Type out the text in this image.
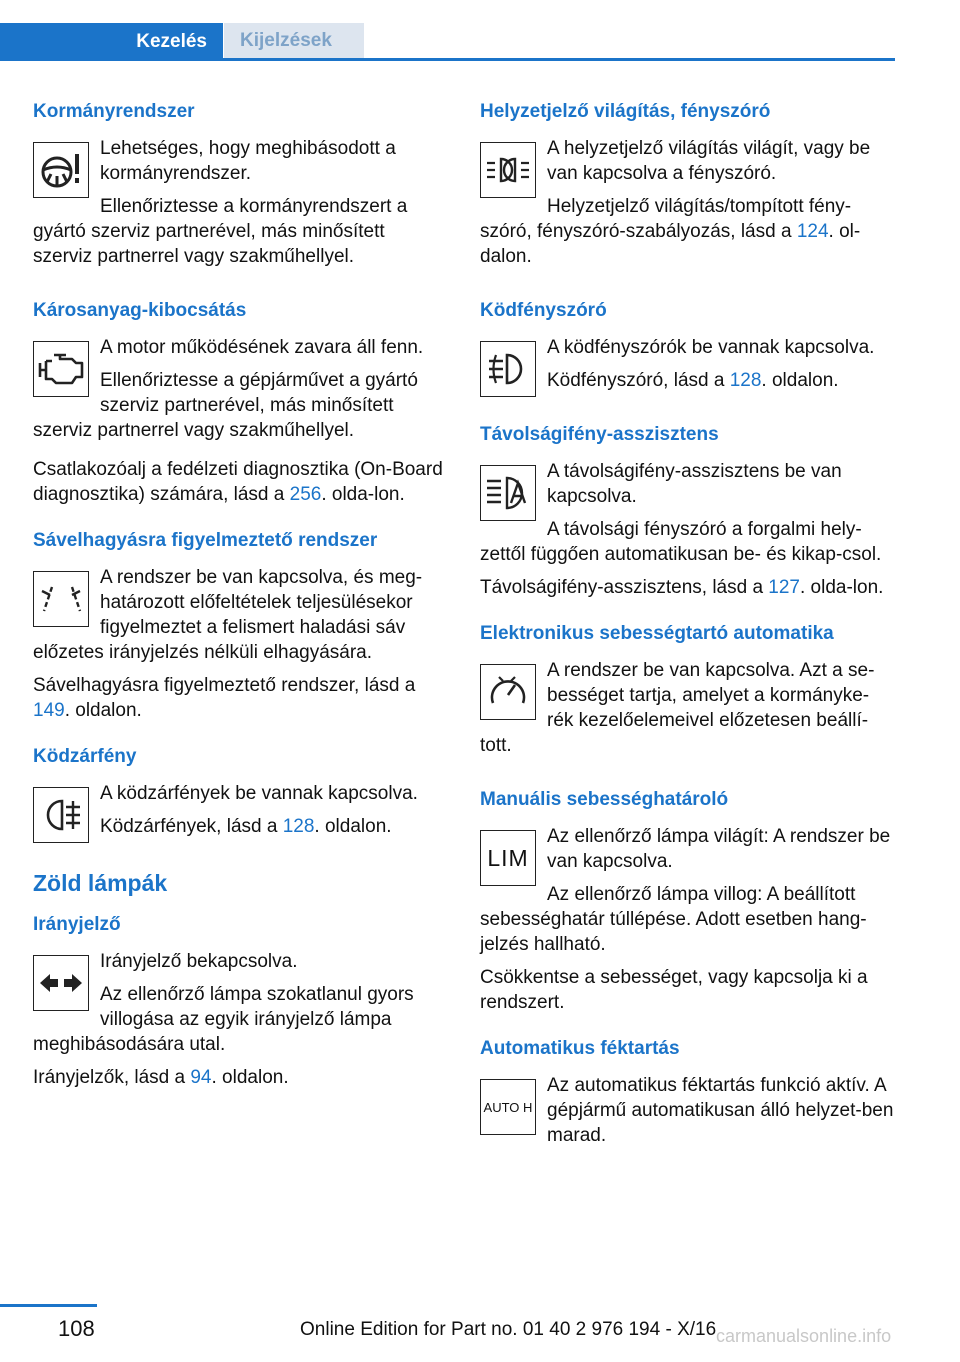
Kezelés	Kijelzések
Kormányrendszer
Lehetséges, hogy meghibásodott a kormányrendszer.
Ellenőriztesse a kormányrendszert a gyártó szerviz partnerével, más minősített szerviz partnerrel vagy szakműhellyel.
Károsanyag-kibocsátás
A motor működésének zavara áll fenn.
Ellenőriztesse a gépjárművet a gyártó szerviz partnerével, más minősített szerviz partnerrel vagy szakműhellyel.
Csatlakozóalj a fedélzeti diagnosztika (On-Board diagnosztika) számára, lásd a 256. olda-lon.
Sávelhagyásra figyelmeztető rendszer
A rendszer be van kapcsolva, és meg-határozott előfeltételek teljesülésekor figyelmeztet a felismert haladási sáv előzetes irányjelzés nélküli elhagyására.
Sávelhagyásra figyelmeztető rendszer, lásd a 149. oldalon.
Ködzárfény
A ködzárfények be vannak kapcsolva.
Ködzárfények, lásd a 128. oldalon.
Zöld lámpák
Irányjelző
Irányjelző bekapcsolva.
Az ellenőrző lámpa szokatlanul gyors villogása az egyik irányjelző lámpa meghibásodására utal.
Irányjelzők, lásd a 94. oldalon.
Helyzetjelző világítás, fényszóró
A helyzetjelző világítás világít, vagy be van kapcsolva a fényszóró.
Helyzetjelző világítás/tompított fény-szóró, fényszóró-szabályozás, lásd a 124. ol-dalon.
Ködfényszóró
A ködfényszórók be vannak kapcsolva.
Ködfényszóró, lásd a 128. oldalon.
Távolságifény-asszisztens
A távolságifény-asszisztens be van kapcsolva.
A távolsági fényszóró a forgalmi hely-zettől függően automatikusan be- és kikap-csol.
Távolságifény-asszisztens, lásd a 127. olda-lon.
Elektronikus sebességtartó automatika
A rendszer be van kapcsolva. Azt a se-bességet tartja, amelyet a kormányke-rék kezelőelemeivel előzetesen beállí-tott.
Manuális sebességhatároló
LIM
Az ellenőrző lámpa világít: A rendszer be van kapcsolva.
Az ellenőrző lámpa villog: A beállított sebességhatár túllépése. Adott esetben hang-jelzés hallható.
Csökkentse a sebességet, vagy kapcsolja ki a rendszert.
Automatikus féktartás
AUTO H
Az automatikus féktartás funkció aktív. A gépjármű automatikusan álló helyzet-ben marad.
108	Online Edition for Part no. 01 40 2 976 194 - X/16 carmanualsonline.info
